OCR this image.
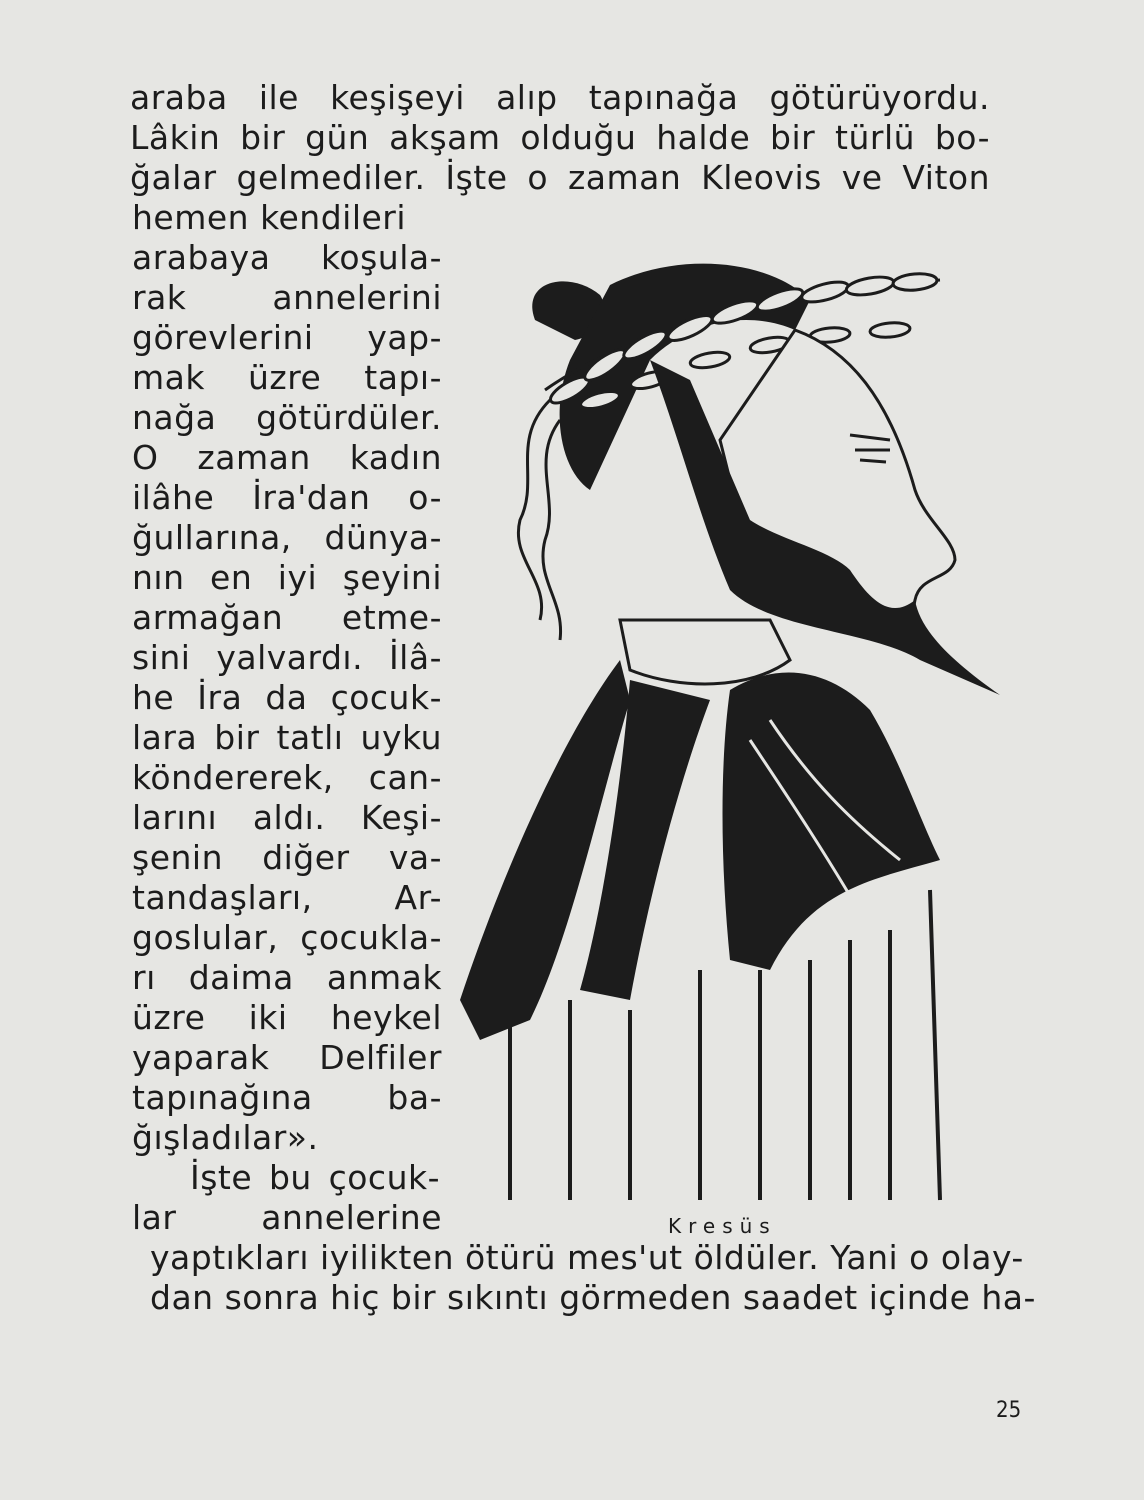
araba ile keşişeyi alıp tapınağa götürüyordu.
Lâkin bir gün akşam olduğu halde bir türlü bo-
ğalar gelmediler. İşte o zaman Kleovis ve Viton
hemen kendileri
arabaya koşula-
rak annelerini
görevlerini yap-
mak üzre tapı-
nağa götürdüler.
O zaman kadın
ilâhe İra'dan o-
ğullarına, dünya-
nın en iyi şeyini
armağan etme-
sini yalvardı. İlâ-
he İra da çocuk-
lara bir tatlı uyku
köndererek, can-
larını aldı. Keşi-
şenin diğer va-
tandaşları, Ar-
goslular, çocukla-
rı daima anmak
üzre iki heykel
yaparak Delfiler
tapınağına ba-
ğışladılar».
İşte bu çocuk-
lar annelerine
yaptıkları iyilikten ötürü mes'ut öldüler. Yani o olay-
dan sonra hiç bir sıkıntı görmeden saadet içinde ha-
Kresüs
25
